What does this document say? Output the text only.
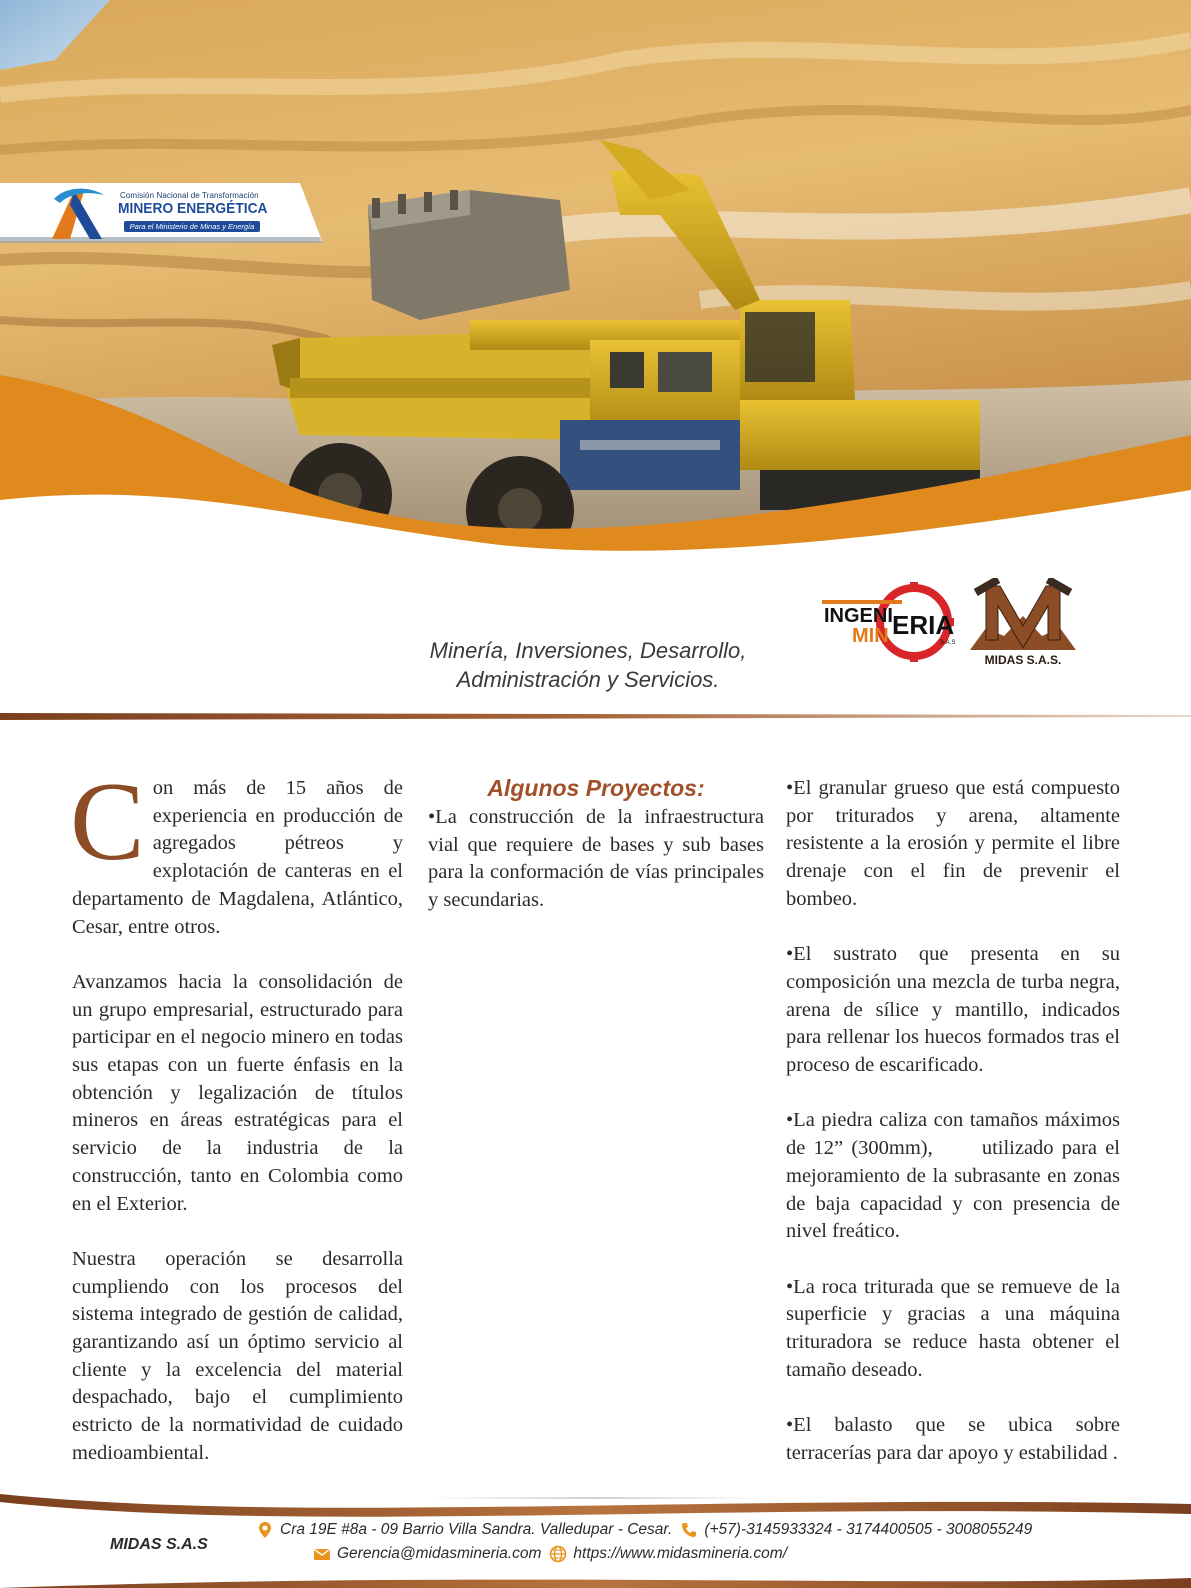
Comisión Nacional de Transformación
MINERO ENERGÉTICA
Para el Ministerio de Minas y Energía
Minería, Inversiones, Desarrollo,
Administración y Servicios.
INGENI
MIN ERIA
S.A.S
MIDAS S.A.S.

Con más de 15 años de experiencia en producción de agregados pétreos y explotación de canteras en el departamento de Magdalena, Atlántico, Cesar, entre otros.

Avanzamos hacia la consolidación de un grupo empresarial, estructurado para participar en el negocio minero en todas sus etapas con un fuerte énfasis en la obtención y legalización de títulos mineros en áreas estratégicas para el servicio de la industria de la construcción, tanto en Colombia como en el Exterior.

Nuestra operación se desarrolla cumpliendo con los procesos del sistema integrado de gestión de calidad, garantizando así un óptimo servicio al cliente y la excelencia del material despachado, bajo el cumplimiento estricto de la normatividad de cuidado medioambiental.

Algunos Proyectos:

•La construcción de la infraestructura vial que requiere de bases y sub bases para la conformación de vías principales y secundarias.

•El granular grueso que está compuesto por triturados y arena, altamente resistente a la erosión y permite el libre drenaje con el fin de prevenir el bombeo.

•El sustrato que presenta en su composición una mezcla de turba negra, arena de sílice y mantillo, indicados para rellenar los huecos formados tras el proceso de escarificado.

•La piedra caliza con tamaños máximos de 12” (300mm),      utilizado para el mejoramiento de la subrasante en zonas de baja capacidad y con presencia de nivel freático.

•La roca triturada que se remueve de la superficie y gracias a una máquina trituradora se reduce hasta obtener el tamaño deseado.

•El balasto que se ubica sobre terracerías para dar apoyo y estabilidad .

MIDAS S.A.S
Cra 19E #8a - 09 Barrio Villa Sandra. Valledupar - Cesar. (+57)-3145933324 - 3174400505 - 3008055249
Gerencia@midasmineria.com https://www.midasmineria.com/
